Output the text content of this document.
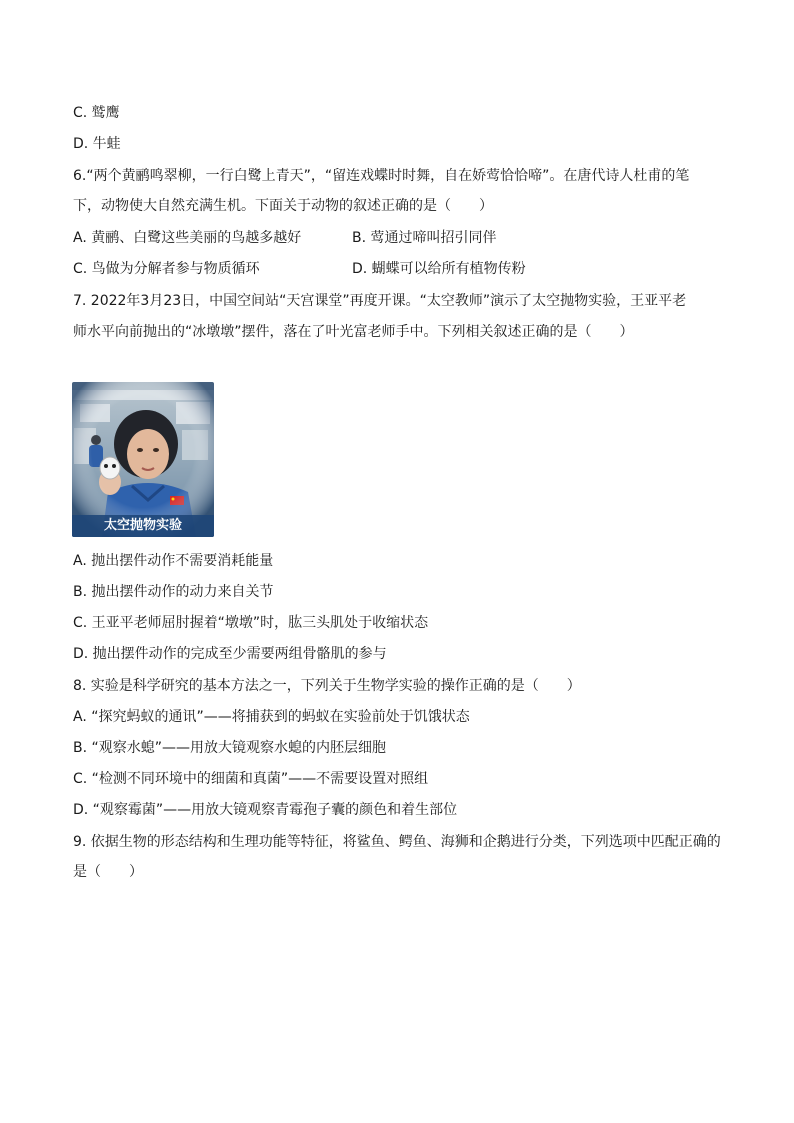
C. 鹫鹰
D. 牛蛙
6.“两个黄鹂鸣翠柳，一行白鹭上青天”，“留连戏蝶时时舞，自在娇莺恰恰啼”。在唐代诗人杜甫的笔
下，动物使大自然充满生机。下面关于动物的叙述正确的是（　　）
A. 黄鹂、白鹭这些美丽的鸟越多越好	B. 莺通过啼叫招引同伴
C. 鸟做为分解者参与物质循环	D. 蝴蝶可以给所有植物传粉
7. 2022年3月23日，中国空间站“天宫课堂”再度开课。“太空教师”演示了太空抛物实验，王亚平老
师水平向前抛出的“冰墩墩”摆件，落在了叶光富老师手中。下列相关叙述正确的是（　　）
太空抛物实验
A. 抛出摆件动作不需要消耗能量
B. 抛出摆件动作的动力来自关节
C. 王亚平老师屈肘握着“墩墩”时，肱三头肌处于收缩状态
D. 抛出摆件动作的完成至少需要两组骨骼肌的参与
8. 实验是科学研究的基本方法之一，下列关于生物学实验的操作正确的是（　　）
A. “探究蚂蚁的通讯”——将捕获到的蚂蚁在实验前处于饥饿状态
B. “观察水螅”——用放大镜观察水螅的内胚层细胞
C. “检测不同环境中的细菌和真菌”——不需要设置对照组
D. “观察霉菌”——用放大镜观察青霉孢子囊的颜色和着生部位
9. 依据生物的形态结构和生理功能等特征，将鲨鱼、鳄鱼、海狮和企鹅进行分类，下列选项中匹配正确的
是（　　）
